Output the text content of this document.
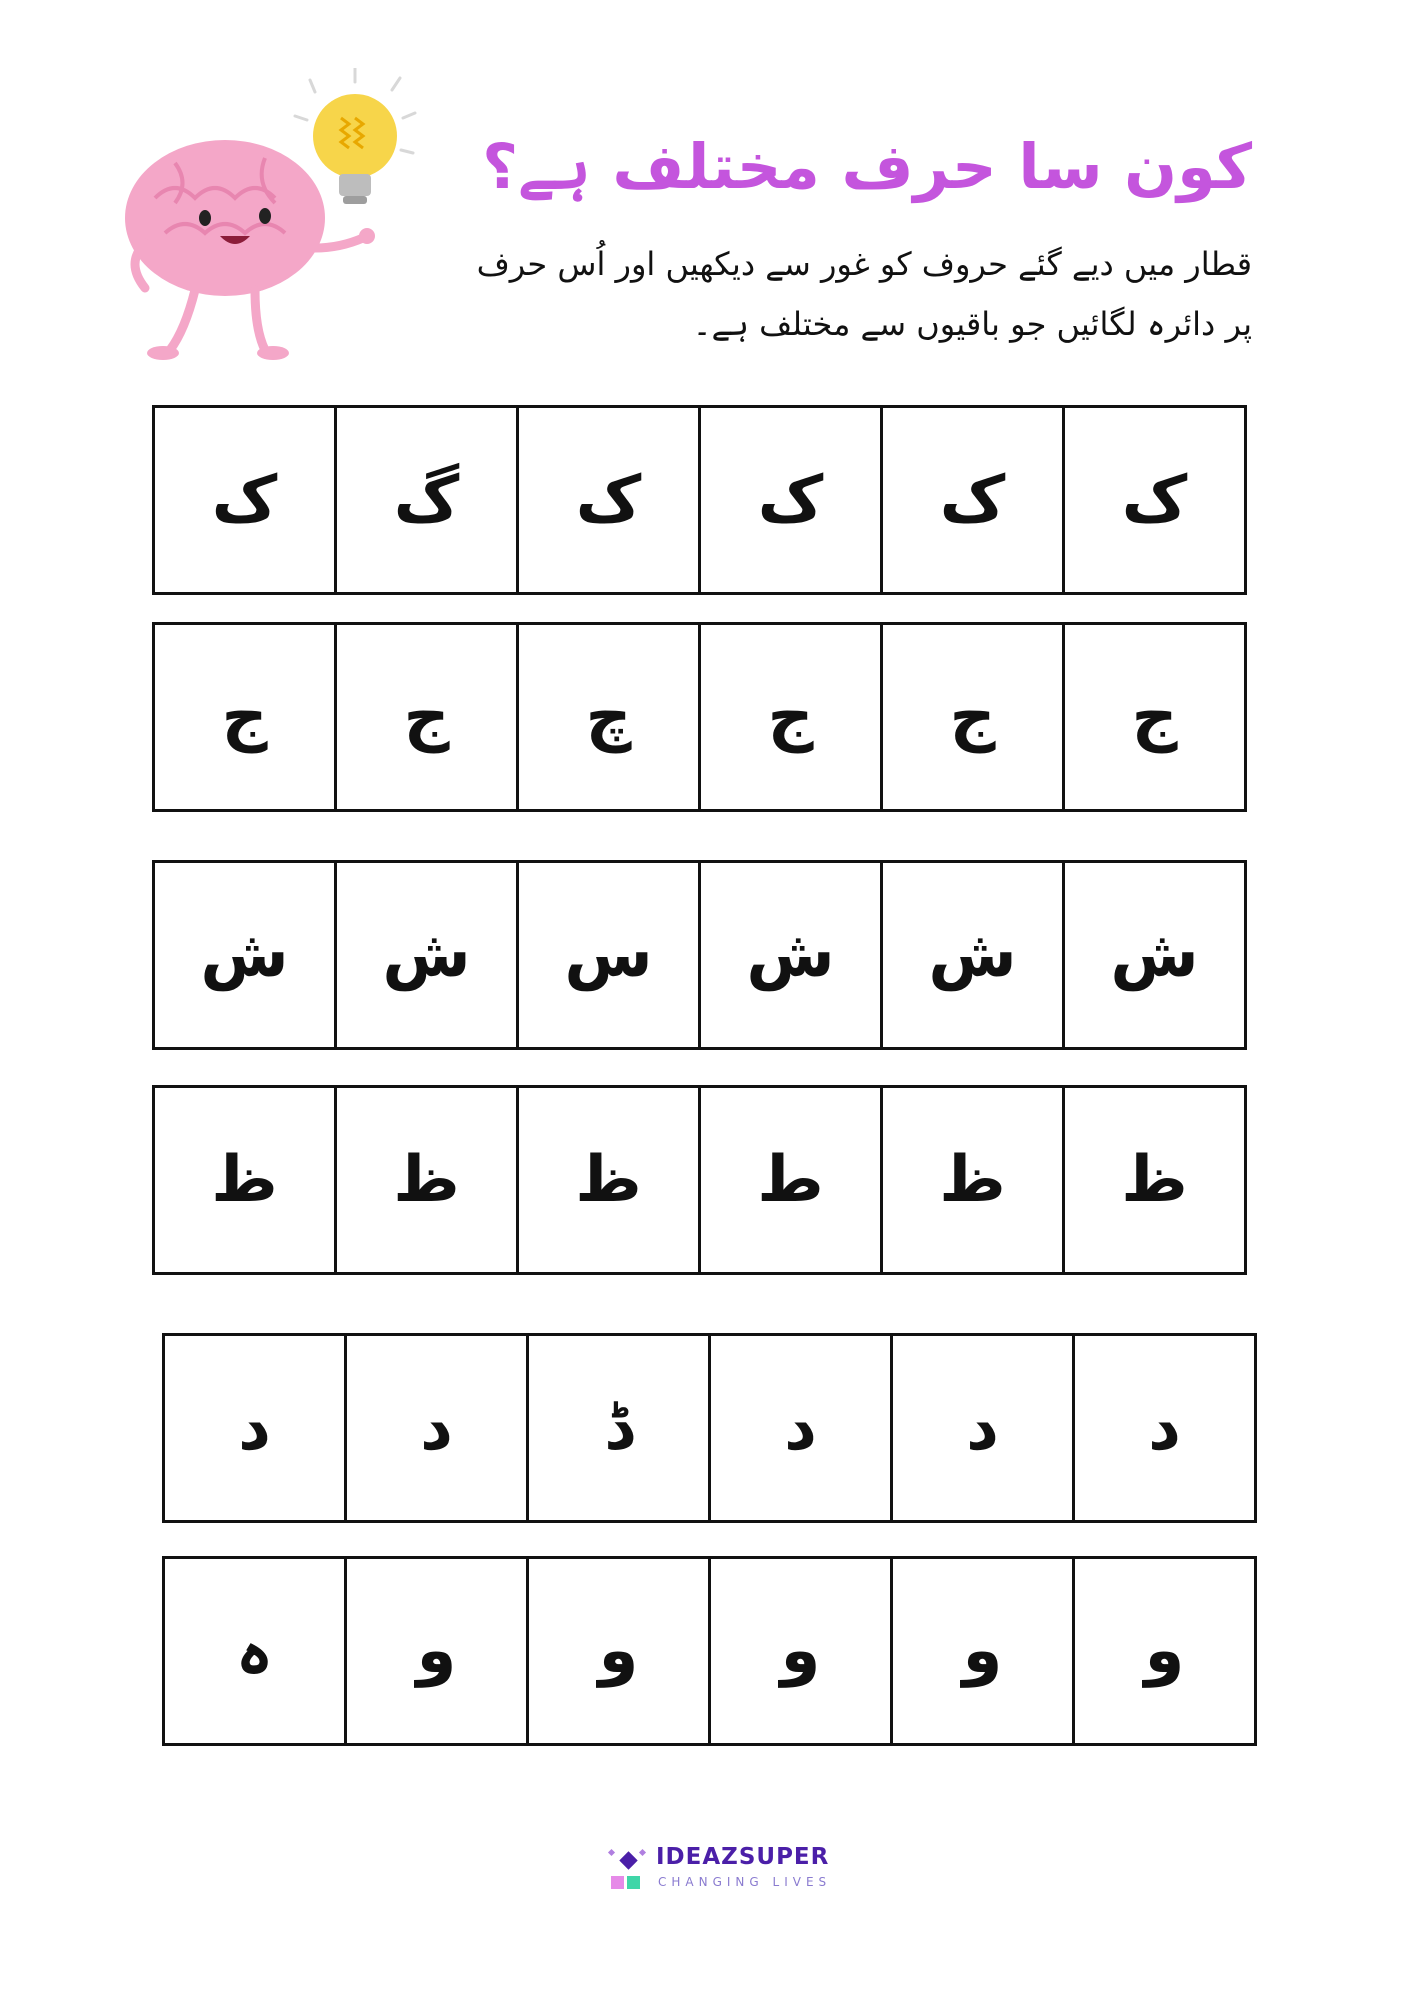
کون سا حرف مختلف ہے؟

قطار میں دیے گئے حروف کو غور سے دیکھیں اور اُس حرف

پر دائرہ لگائیں جو باقیوں سے مختلف ہے۔

ک
ک
ک
ک
گ
ک
ج
ج
ج
چ
ج
ج
ش
ش
ش
س
ش
ش
ظ
ظ
ط
ظ
ظ
ظ
د
د
د
ڈ
د
د
و
و
و
و
و
ہ
IDEAZSUPER
CHANGING LIVES
